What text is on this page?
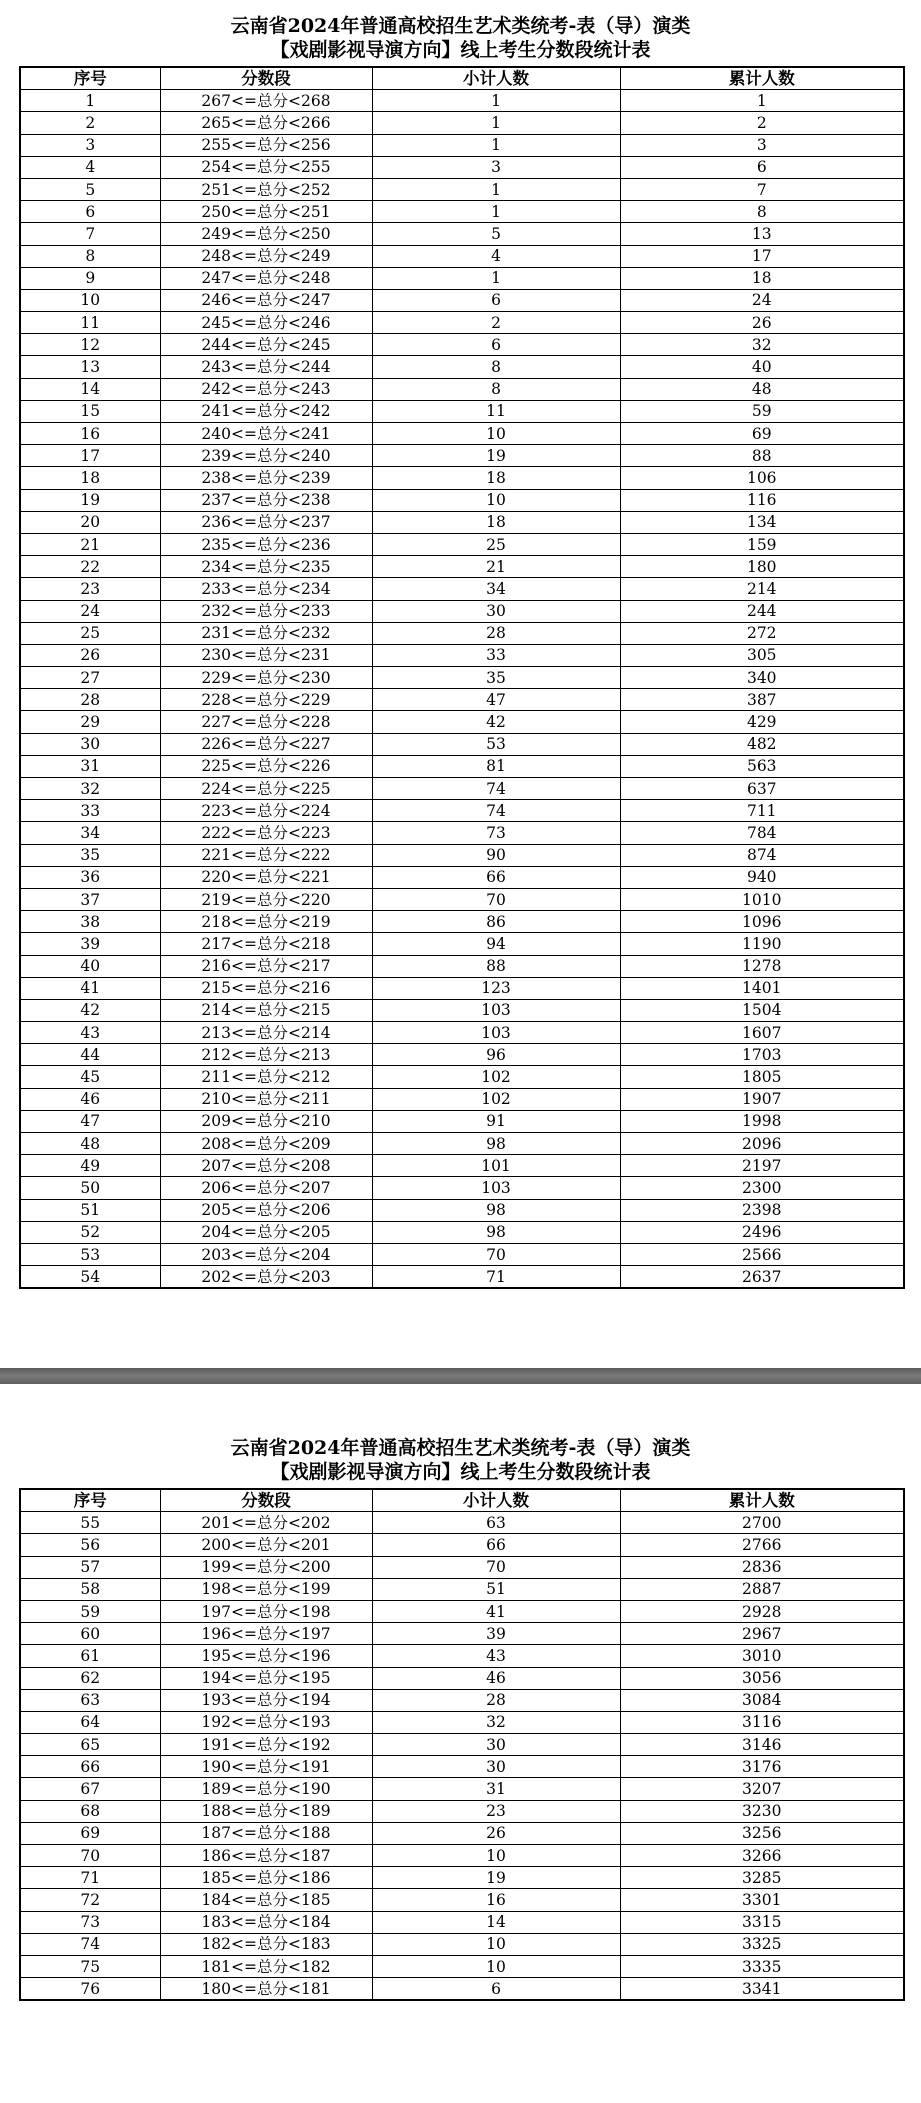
云南省2024年普通高校招生艺术类统考-表（导）演类
【戏剧影视导演方向】线上考生分数段统计表
序号	分数段	小计人数	累计人数
1	267<=总分<268	1	1
2	265<=总分<266	1	2
3	255<=总分<256	1	3
4	254<=总分<255	3	6
5	251<=总分<252	1	7
6	250<=总分<251	1	8
7	249<=总分<250	5	13
8	248<=总分<249	4	17
9	247<=总分<248	1	18
10	246<=总分<247	6	24
11	245<=总分<246	2	26
12	244<=总分<245	6	32
13	243<=总分<244	8	40
14	242<=总分<243	8	48
15	241<=总分<242	11	59
16	240<=总分<241	10	69
17	239<=总分<240	19	88
18	238<=总分<239	18	106
19	237<=总分<238	10	116
20	236<=总分<237	18	134
21	235<=总分<236	25	159
22	234<=总分<235	21	180
23	233<=总分<234	34	214
24	232<=总分<233	30	244
25	231<=总分<232	28	272
26	230<=总分<231	33	305
27	229<=总分<230	35	340
28	228<=总分<229	47	387
29	227<=总分<228	42	429
30	226<=总分<227	53	482
31	225<=总分<226	81	563
32	224<=总分<225	74	637
33	223<=总分<224	74	711
34	222<=总分<223	73	784
35	221<=总分<222	90	874
36	220<=总分<221	66	940
37	219<=总分<220	70	1010
38	218<=总分<219	86	1096
39	217<=总分<218	94	1190
40	216<=总分<217	88	1278
41	215<=总分<216	123	1401
42	214<=总分<215	103	1504
43	213<=总分<214	103	1607
44	212<=总分<213	96	1703
45	211<=总分<212	102	1805
46	210<=总分<211	102	1907
47	209<=总分<210	91	1998
48	208<=总分<209	98	2096
49	207<=总分<208	101	2197
50	206<=总分<207	103	2300
51	205<=总分<206	98	2398
52	204<=总分<205	98	2496
53	203<=总分<204	70	2566
54	202<=总分<203	71	2637
云南省2024年普通高校招生艺术类统考-表（导）演类
【戏剧影视导演方向】线上考生分数段统计表
序号	分数段	小计人数	累计人数
55	201<=总分<202	63	2700
56	200<=总分<201	66	2766
57	199<=总分<200	70	2836
58	198<=总分<199	51	2887
59	197<=总分<198	41	2928
60	196<=总分<197	39	2967
61	195<=总分<196	43	3010
62	194<=总分<195	46	3056
63	193<=总分<194	28	3084
64	192<=总分<193	32	3116
65	191<=总分<192	30	3146
66	190<=总分<191	30	3176
67	189<=总分<190	31	3207
68	188<=总分<189	23	3230
69	187<=总分<188	26	3256
70	186<=总分<187	10	3266
71	185<=总分<186	19	3285
72	184<=总分<185	16	3301
73	183<=总分<184	14	3315
74	182<=总分<183	10	3325
75	181<=总分<182	10	3335
76	180<=总分<181	6	3341
